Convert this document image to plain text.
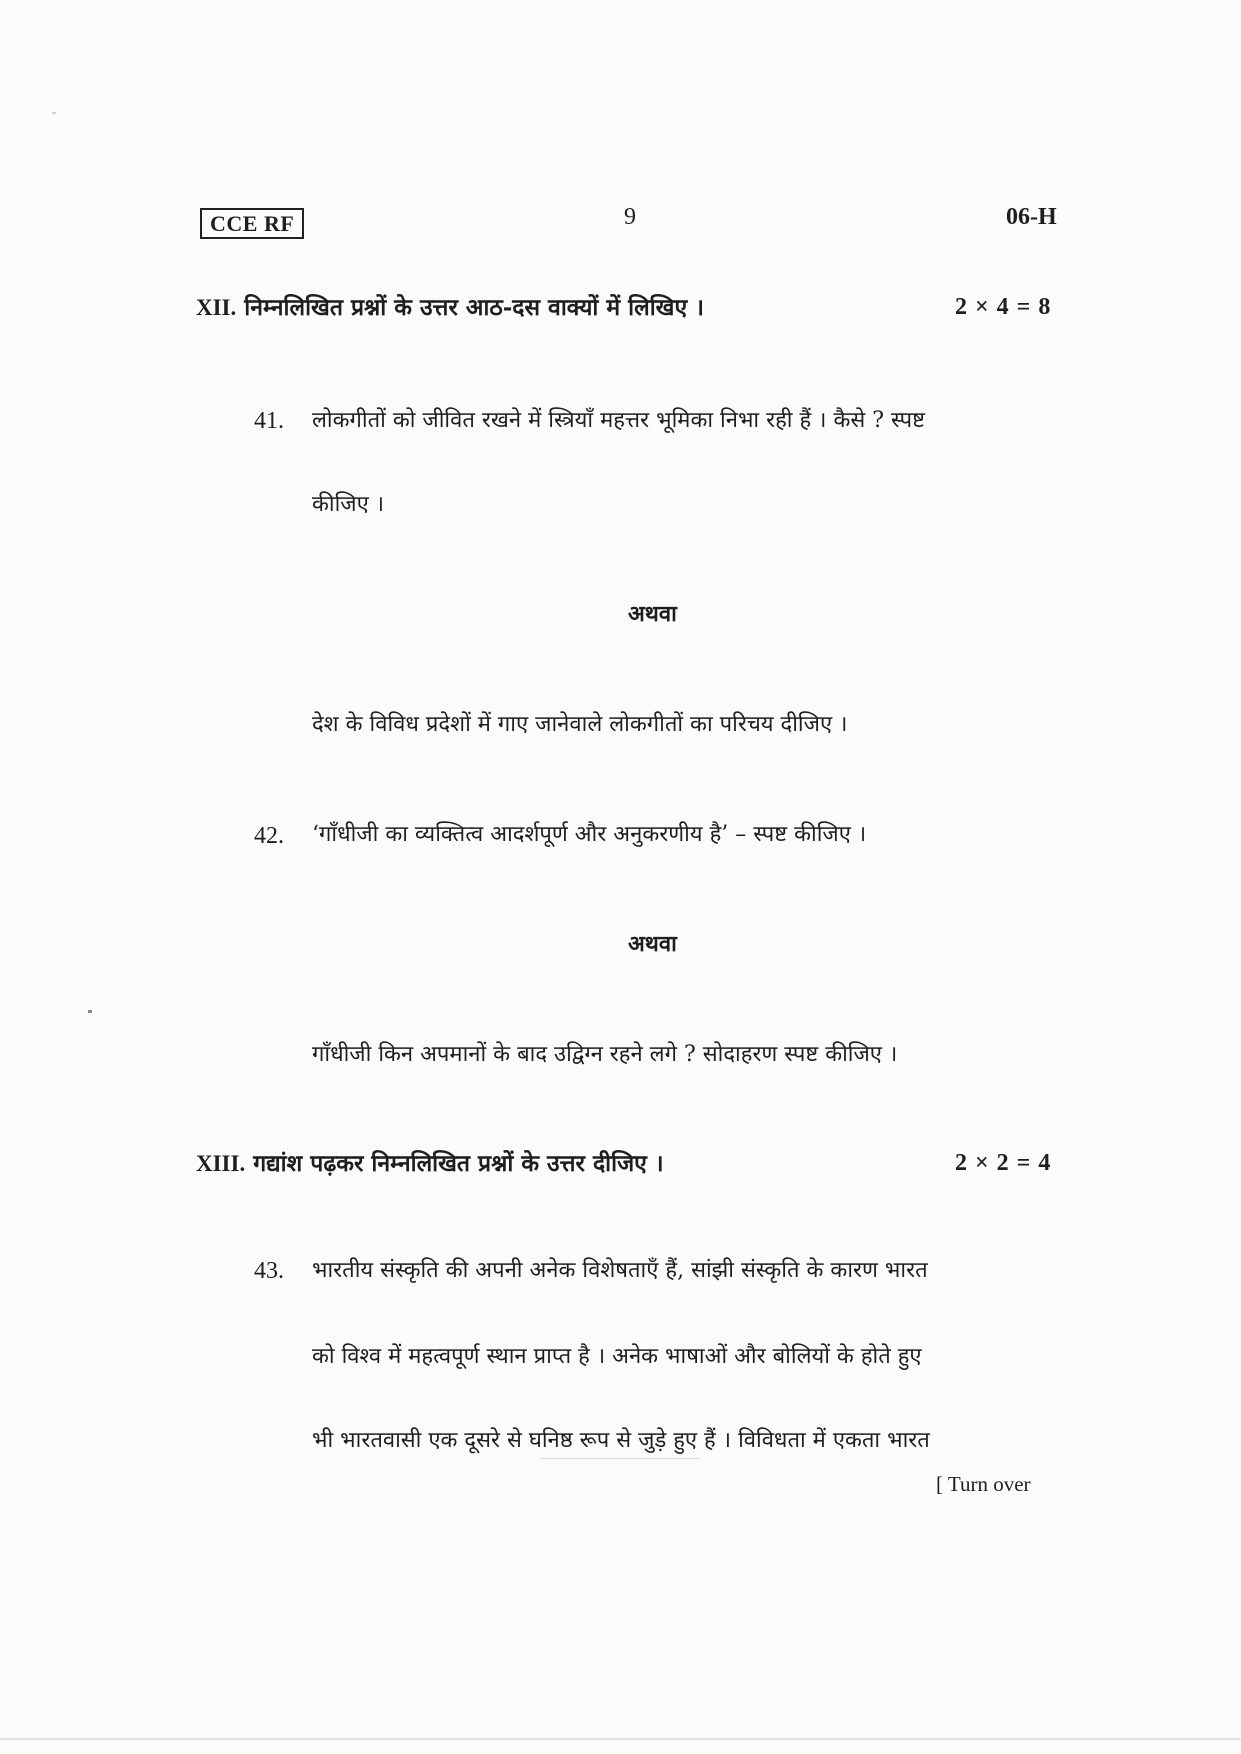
CCE RF	9	06-H
XII. निम्नलिखित प्रश्नों के उत्तर आठ-दस वाक्यों में लिखिए ।	2 × 4 = 8
41. लोकगीतों को जीवित रखने में स्त्रियाँ महत्तर भूमिका निभा रही हैं । कैसे ? स्पष्ट
कीजिए ।
अथवा
देश के विविध प्रदेशों में गाए जानेवाले लोकगीतों का परिचय दीजिए ।
42. ‘गाँधीजी का व्यक्तित्व आदर्शपूर्ण और अनुकरणीय है’ – स्पष्ट कीजिए ।
अथवा
गाँधीजी किन अपमानों के बाद उद्विग्न रहने लगे ? सोदाहरण स्पष्ट कीजिए ।
XIII. गद्यांश पढ़कर निम्नलिखित प्रश्नों के उत्तर दीजिए ।	2 × 2 = 4
43. भारतीय संस्कृति की अपनी अनेक विशेषताएँ हैं, सांझी संस्कृति के कारण भारत
को विश्व में महत्वपूर्ण स्थान प्राप्त है । अनेक भाषाओं और बोलियों के होते हुए
भी भारतवासी एक दूसरे से घनिष्ठ रूप से जुड़े हुए हैं । विविधता में एकता भारत
[ Turn over
